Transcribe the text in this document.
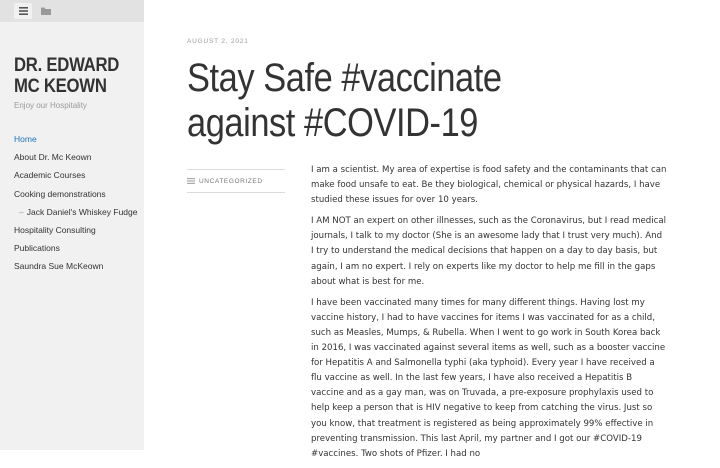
DR. EDWARD
MC KEOWN
Enjoy our Hospitality
Home
About Dr. Mc Keown
Academic Courses
Cooking demonstrations
– Jack Daniel's Whiskey Fudge
Hospitality Consulting
Publications
Saundra Sue McKeown
AUGUST 2, 2021
Stay Safe #vaccinate against #COVID-19
UNCATEGORIZED

I am a scientist. My area of expertise is food safety and the contaminants that can make food unsafe to eat. Be they biological, chemical or physical hazards, I have studied these issues for over 10 years.

I AM NOT an expert on other illnesses, such as the Coronavirus, but I read medical journals, I talk to my doctor (She is an awesome lady that I trust very much). And I try to understand the medical decisions that happen on a day to day basis, but again, I am no expert. I rely on experts like my doctor to help me fill in the gaps about what is best for me.

I have been vaccinated many times for many different things. Having lost my vaccine history, I had to have vaccines for items I was vaccinated for as a child, such as Measles, Mumps, & Rubella. When I went to go work in South Korea back in 2016, I was vaccinated against several items as well, such as a booster vaccine for Hepatitis A and Salmonella typhi (aka typhoid). Every year I have received a flu vaccine as well. In the last few years, I have also received a Hepatitis B vaccine and as a gay man, was on Truvada, a pre-exposure prophylaxis used to help keep a person that is HIV negative to keep from catching the virus. Just so you know, that treatment is registered as being approximately 99% effective in preventing transmission. This last April, my partner and I got our #COVID-19 #vaccines. Two shots of Pfizer. I had no
